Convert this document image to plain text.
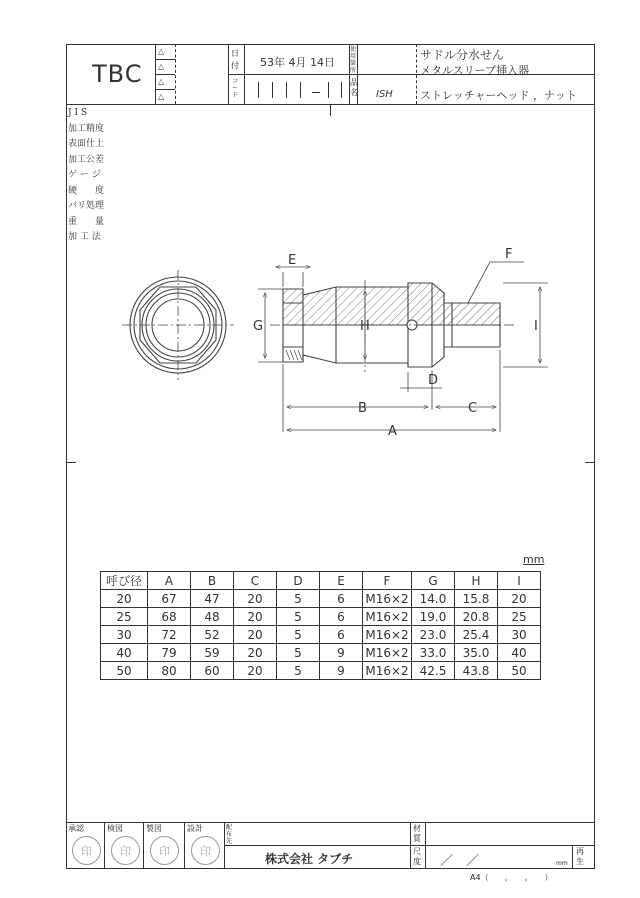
TBC
△
△
△
△
日付 53年 4月 14日
コード
使用箇所
品名 ISH
サドル分水せん
メタルスリーブ挿入器
ストレッチャーヘッド ，ナット
J I S
加工精度
表面仕上
加工公差
ゲ ー ジ
硬　　度
バリ処理
重　　量
加 工 法
E	F
G	H	I
D
B	C
A
mm
呼び径	A	B	C	D	E	F	G	H	I
20	67	47	20	5	6	M16×2	14.0	15.8	20
25	68	48	20	5	6	M16×2	19.0	20.8	25
30	72	52	20	5	6	M16×2	23.0	25.4	30
40	79	59	20	5	9	M16×2	33.0	35.0	40
50	80	60	20	5	9	M16×2	42.5	43.8	50
承認	検図	製図	設計
印	印	印	印
配布先
株式会社 タブチ
材質
尺度 ／　／	mm
再生
A4（　　，　　，　　）
